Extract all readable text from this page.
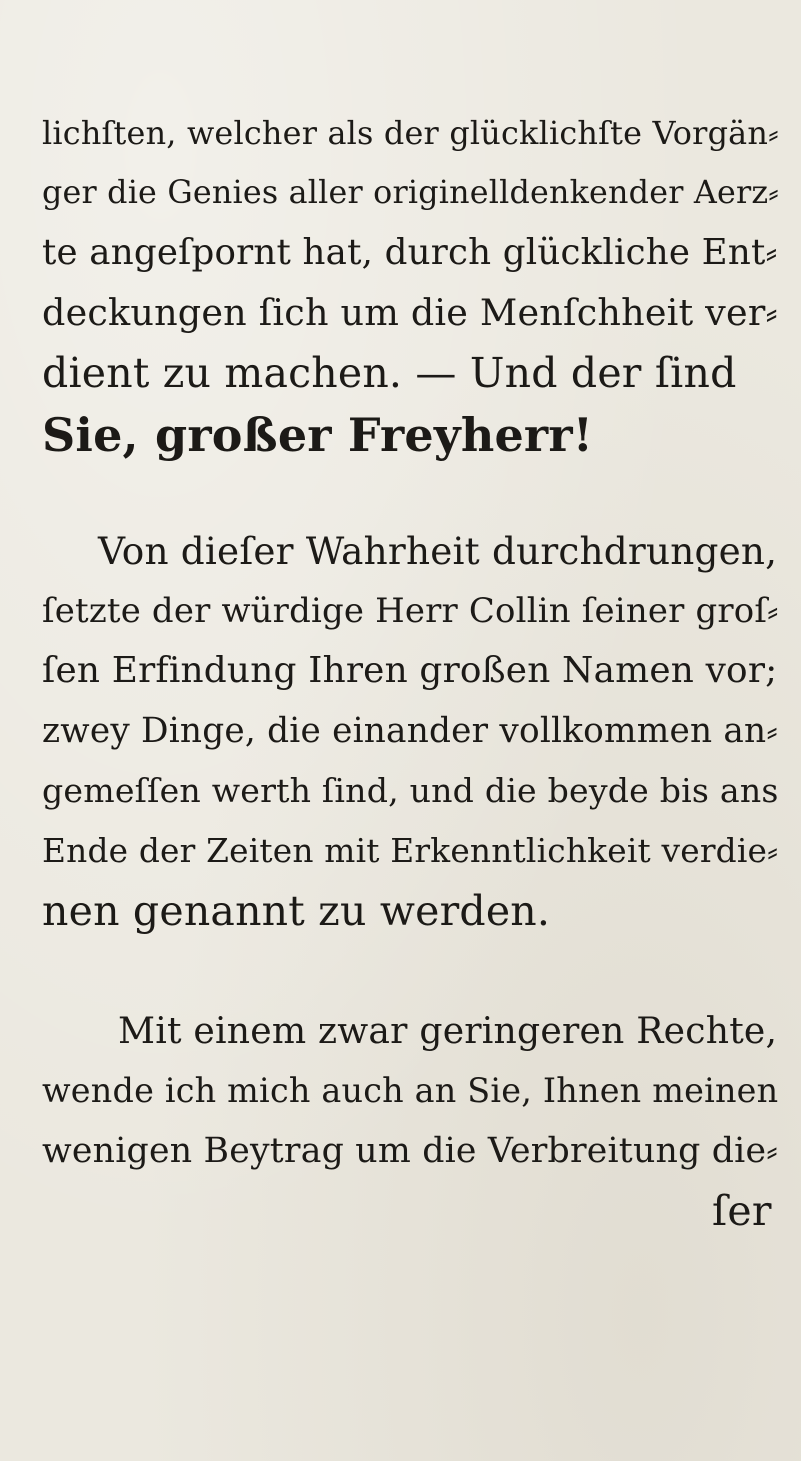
lichſten, welcher als der glücklichſte Vorgän⸗
ger die Genies aller originelldenkender Aerz⸗
te angeſpornt hat, durch glückliche Ent⸗
deckungen ſich um die Menſchheit ver⸗
dient zu machen. — Und der ſind
Sie, großer Freyherr!
Von dieſer Wahrheit durchdrungen,
ſetzte der würdige Herr Collin ſeiner groſ⸗
ſen Erfindung Ihren großen Namen vor;
zwey Dinge, die einander vollkommen an⸗
gemeſſen werth ſind, und die beyde bis ans
Ende der Zeiten mit Erkenntlichkeit verdie⸗
nen genannt zu werden.
Mit einem zwar geringeren Rechte,
wende ich mich auch an Sie, Ihnen meinen
wenigen Beytrag um die Verbreitung die⸗
ſer
